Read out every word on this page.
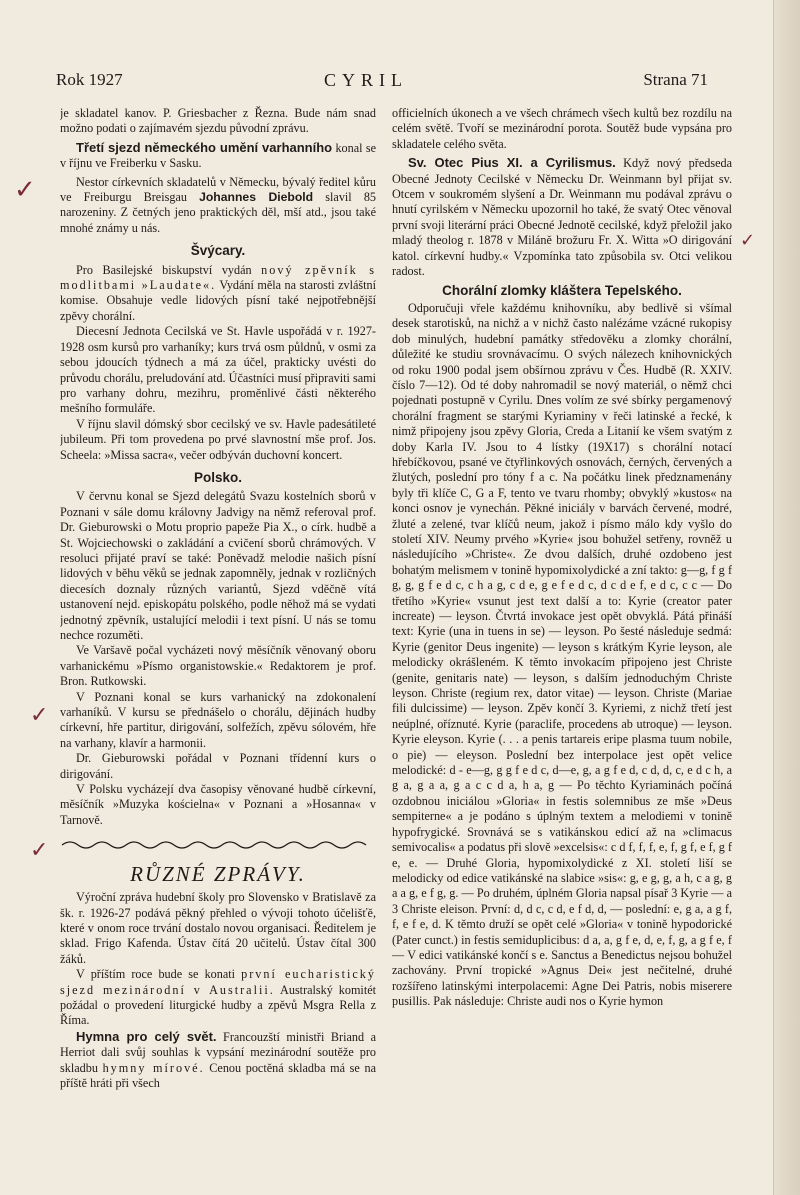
Rok 1927	CYRIL	Strana 71
✓
✓
✓
✓

je skladatel kanov. P. Griesbacher z Řezna. Bude nám snad možno podati o zajímavém sjezdu původní zprávu.

Třetí sjezd německého umění varhanního konal se v říjnu ve Freiberku v Sasku.

Nestor církevních skladatelů v Německu, bývalý ředitel kůru ve Freiburgu Breisgau Johannes Diebold slavil 85 narozeniny. Z četných jeno praktických děl, mší atd., jsou také mnohé známy u nás.

Švýcary.

Pro Basilejské biskupství vydán nový zpěvník s modlitbami »Laudate«. Vydání měla na starosti zvláštní komise. Obsahuje vedle lidových písní také nejpotřebnější zpěvy chorální.

Diecesní Jednota Cecilská ve St. Havle uspořádá v r. 1927-1928 osm kursů pro varhaníky; kurs trvá osm půldnů, v osmi za sebou jdoucích týdnech a má za účel, prakticky uvésti do průvodu chorálu, preludování atd. Účastníci musí připraviti sami pro varhany dohru, mezihru, proměnlivé části některého mešního formuláře.

V říjnu slavil dómský sbor cecilský ve sv. Havle padesátileté jubileum. Při tom provedena po prvé slavnostní mše prof. Jos. Scheela: »Missa sacra«, večer odbýván duchovní koncert.

Polsko.

V červnu konal se Sjezd delegátů Svazu kostelních sborů v Poznani v sále domu královny Jadvigy na němž referoval prof. Dr. Gieburowski o Motu proprio papeže Pia X., o círk. hudbě a St. Wojciechowski o zakládání a cvičení sborů chrámových. V resoluci přijaté praví se také: Poněvadž melodie našich písní lidových v běhu věků se jednak zapomněly, jednak v rozličných diecesích doznaly různých variantů, Sjezd vděčně vítá ustanovení nejd. episkopátu polského, podle něhož má se vydati jednotný zpěvník, ustalující melodii i text písní. U nás se tomu nechce rozuměti.

Ve Varšavě počal vycházeti nový měsíčník věnovaný oboru varhanickému »Písmo organistowskie.« Redaktorem je prof. Bron. Rutkowski.

V Poznani konal se kurs varhanický na zdokonalení varhaníků. V kursu se přednášelo o chorálu, dějinách hudby církevní, hře partitur, dirigování, solfežích, zpěvu sólovém, hře na varhany, klavír a harmonii.

Dr. Gieburowski pořádal v Poznani třídenní kurs o dirigování.

V Polsku vycházejí dva časopisy věnované hudbě církevní, měsíčník »Muzyka kościelna« v Poznani a »Hosanna« v Tarnově.

RŮZNÉ ZPRÁVY.

Výroční zpráva hudební školy pro Slovensko v Bratislavě za šk. r. 1926-27 podává pěkný přehled o vývoji tohoto účelišťě, které v onom roce trvání dostalo novou organisaci. Ředitelem je sklad. Frigo Kafenda. Ústav čítá 20 učitelů. Ústav čítal 300 žáků.

V příštím roce bude se konati první eucharistický sjezd mezinárodní v Australii. Australský komitét požádal o provedení liturgické hudby a zpěvů Msgra Rella z Říma.

Hymna pro celý svět. Francouzští ministři Briand a Herriot dali svůj souhlas k vypsání mezinárodní soutěže pro skladbu hymny mírové. Cenou poctěná skladba má se na příště hráti při všech

officielních úkonech a ve všech chrámech všech kultů bez rozdílu na celém světě. Tvoří se mezinárodní porota. Soutěž bude vypsána pro skladatele celého světa.

Sv. Otec Pius XI. a Cyrilismus. Když nový předseda Obecné Jednoty Cecilské v Německu Dr. Weinmann byl přijat sv. Otcem v soukromém slyšení a Dr. Weinmann mu podával zprávu o hnutí cyrilském v Německu upozornil ho také, že svatý Otec věnoval první svoji literární práci Obecné Jednotě cecilské, když přeložil jako mladý theolog r. 1878 v Miláně brožuru Fr. X. Witta »O dirigování katol. církevní hudby.« Vzpomínka tato způsobila sv. Otci velikou radost.

Chorální zlomky kláštera Tepelského.

Odporučuji vřele každému knihovníku, aby bedlivě si všímal desek starotisků, na nichž a v nichž často nalézáme vzácné rukopisy dob minulých, hudební památky středověku a zlomky chorální, důležité ke studiu srovnávacímu. O svých nálezech knihovnických od roku 1900 podal jsem obšírnou zprávu v Čes. Hudbě (R. XXIV. číslo 7—12). Od té doby nahromadil se nový materiál, o němž chci pojednati postupně v Cyrilu. Dnes volím ze své sbírky pergamenový chorální fragment se starými Kyriaminy v řeči latinské a řecké, k nimž připojeny jsou zpěvy Gloria, Creda a Litanií ke všem svatým z doby Karla IV. Jsou to 4 lístky (19X17) s chorální notací hřebíčkovou, psané ve čtyřlinkových osnovách, černých, červených a žlutých, poslední pro tóny f a c. Na počátku linek předznamenány byly tři klíče C, G a F, tento ve tvaru rhomby; obvyklý »kustos« na konci osnov je vynechán. Pěkné iniciály v barvách červené, modré, žluté a zelené, tvar klíčů neum, jakož i písmo málo kdy vyšlo do století XIV. Neumy prvého »Kyrie« jsou bohužel setřeny, rovněž u následujícího »Christe«. Ze dvou dalších, druhé ozdobeno jest bohatým melismem v tonině hypomixolydické a zní takto: g—g, f g f g, g, g f e d c, c h a g, c d e, g e f e d c, d c d e f, e d c, c c — Do třetího »Kyrie« vsunut jest text další a to: Kyrie (creator pater increate) — leyson. Čtvrtá invokace jest opět obvyklá. Pátá přináší text: Kyrie (una in tuens in se) — leyson. Po šesté následuje sedmá: Kyrie (genitor Deus ingenite) — leyson s krátkým Kyrie leyson, ale melodicky okrášleném. K těmto invokacím připojeno jest Christe (genite, genitaris nate) — leyson, s dalším jednoduchým Christe leyson. Christe (regium rex, dator vitae) — leyson. Christe (Mariae fili dulcissime) — leyson. Zpěv končí 3. Kyriemi, z nichž třetí jest neúplné, oříznuté. Kyrie (paraclife, procedens ab utroque) — leyson. Kyrie eleyson. Kyrie (. . . a penis tartareis eripe plasma tuum nobile, o pie) — eleyson. Poslední bez interpolace jest opět velice melodické: d - e—g, g g f e d c, d—e, g, a g f e d, c d, d, c, e d c h, a g a, g a a, g a c c d a, h a, g — Po těchto Kyriaminách počíná ozdobnou iniciálou »Gloria« in festis solemnibus ze mše »Deus sempiterne« a je podáno s úplným textem a melodiemi v tonině hypofrygické. Srovnává se s vatikánskou edicí až na »climacus semivocalis« a podatus při slově »excelsis«: c d f, f, f, e, f, g f, e f, g f e, e. — Druhé Gloria, hypomixolydické z XI. století liší se melodicky od edice vatikánské na slabice »sis«: g, e g, g, a h, c a g, g a a g, e f g, g. — Po druhém, úplném Gloria napsal písař 3 Kyrie — a 3 Christe eleison. První: d, d c, c d, e f d, d, — poslední: e, g a, a g f, f, e f e, d. K těmto druží se opět celé »Gloria« v tonině hypodorické (Pater cunct.) in festis semiduplicibus: d a, a, g f e, d, e, f, g, a g f e, f — V edici vatikánské končí s e. Sanctus a Benedictus nejsou bohužel zachovány. První tropické »Agnus Dei« jest nečitelné, druhé rozšířeno latinskými interpolacemi: Agne Dei Patris, nobis miserere pusillis. Pak následuje: Christe audi nos o Kyrie hymon
